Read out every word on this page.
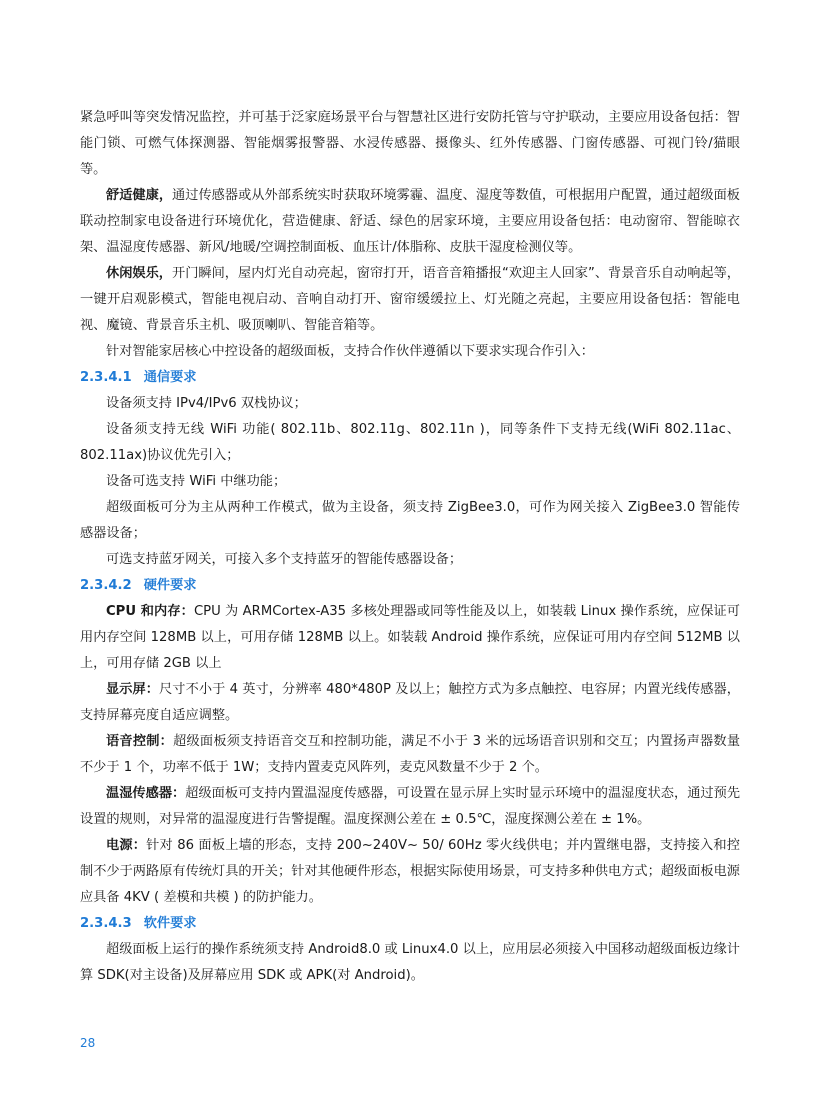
紧急呼叫等突发情况监控，并可基于泛家庭场景平台与智慧社区进行安防托管与守护联动，主要应用设备包括：智能门锁、可燃气体探测器、智能烟雾报警器、水浸传感器、摄像头、红外传感器、门窗传感器、可视门铃/猫眼等。

舒适健康，通过传感器或从外部系统实时获取环境雾霾、温度、湿度等数值，可根据用户配置，通过超级面板联动控制家电设备进行环境优化，营造健康、舒适、绿色的居家环境，主要应用设备包括：电动窗帘、智能晾衣架、温湿度传感器、新风/地暖/空调控制面板、血压计/体脂称、皮肤干湿度检测仪等。

休闲娱乐，开门瞬间，屋内灯光自动亮起，窗帘打开，语音音箱播报“欢迎主人回家”、背景音乐自动响起等，一键开启观影模式，智能电视启动、音响自动打开、窗帘缓缓拉上、灯光随之亮起，主要应用设备包括：智能电视、魔镜、背景音乐主机、吸顶喇叭、智能音箱等。

针对智能家居核心中控设备的超级面板，支持合作伙伴遵循以下要求实现合作引入：

2.3.4.1 通信要求

设备须支持 IPv4/IPv6 双栈协议；

设备须支持无线 WiFi 功能( 802.11b、802.11g、802.11n )，同等条件下支持无线(WiFi 802.11ac、802.11ax)协议优先引入；

设备可选支持 WiFi 中继功能；

超级面板可分为主从两种工作模式，做为主设备，须支持 ZigBee3.0，可作为网关接入 ZigBee3.0 智能传感器设备；

可选支持蓝牙网关，可接入多个支持蓝牙的智能传感器设备；

2.3.4.2 硬件要求

CPU 和内存：CPU 为 ARMCortex-A35 多核处理器或同等性能及以上，如装载 Linux 操作系统，应保证可用内存空间 128MB 以上，可用存储 128MB 以上。如装载 Android 操作系统，应保证可用内存空间 512MB 以上，可用存储 2GB 以上

显示屏：尺寸不小于 4 英寸，分辨率 480*480P 及以上；触控方式为多点触控、电容屏；内置光线传感器，支持屏幕亮度自适应调整。

语音控制：超级面板须支持语音交互和控制功能，满足不小于 3 米的远场语音识别和交互；内置扬声器数量不少于 1 个，功率不低于 1W；支持内置麦克风阵列，麦克风数量不少于 2 个。

温湿传感器：超级面板可支持内置温湿度传感器，可设置在显示屏上实时显示环境中的温湿度状态，通过预先设置的规则，对异常的温湿度进行告警提醒。温度探测公差在 ± 0.5℃，湿度探测公差在 ± 1%。

电源：针对 86 面板上墙的形态，支持 200~240V~ 50/ 60Hz 零火线供电；并内置继电器，支持接入和控制不少于两路原有传统灯具的开关；针对其他硬件形态，根据实际使用场景，可支持多种供电方式；超级面板电源应具备 4KV ( 差模和共模 ) 的防护能力。

2.3.4.3 软件要求

超级面板上运行的操作系统须支持 Android8.0 或 Linux4.0 以上，应用层必须接入中国移动超级面板边缘计算 SDK(对主设备)及屏幕应用 SDK 或 APK(对 Android)。

28
